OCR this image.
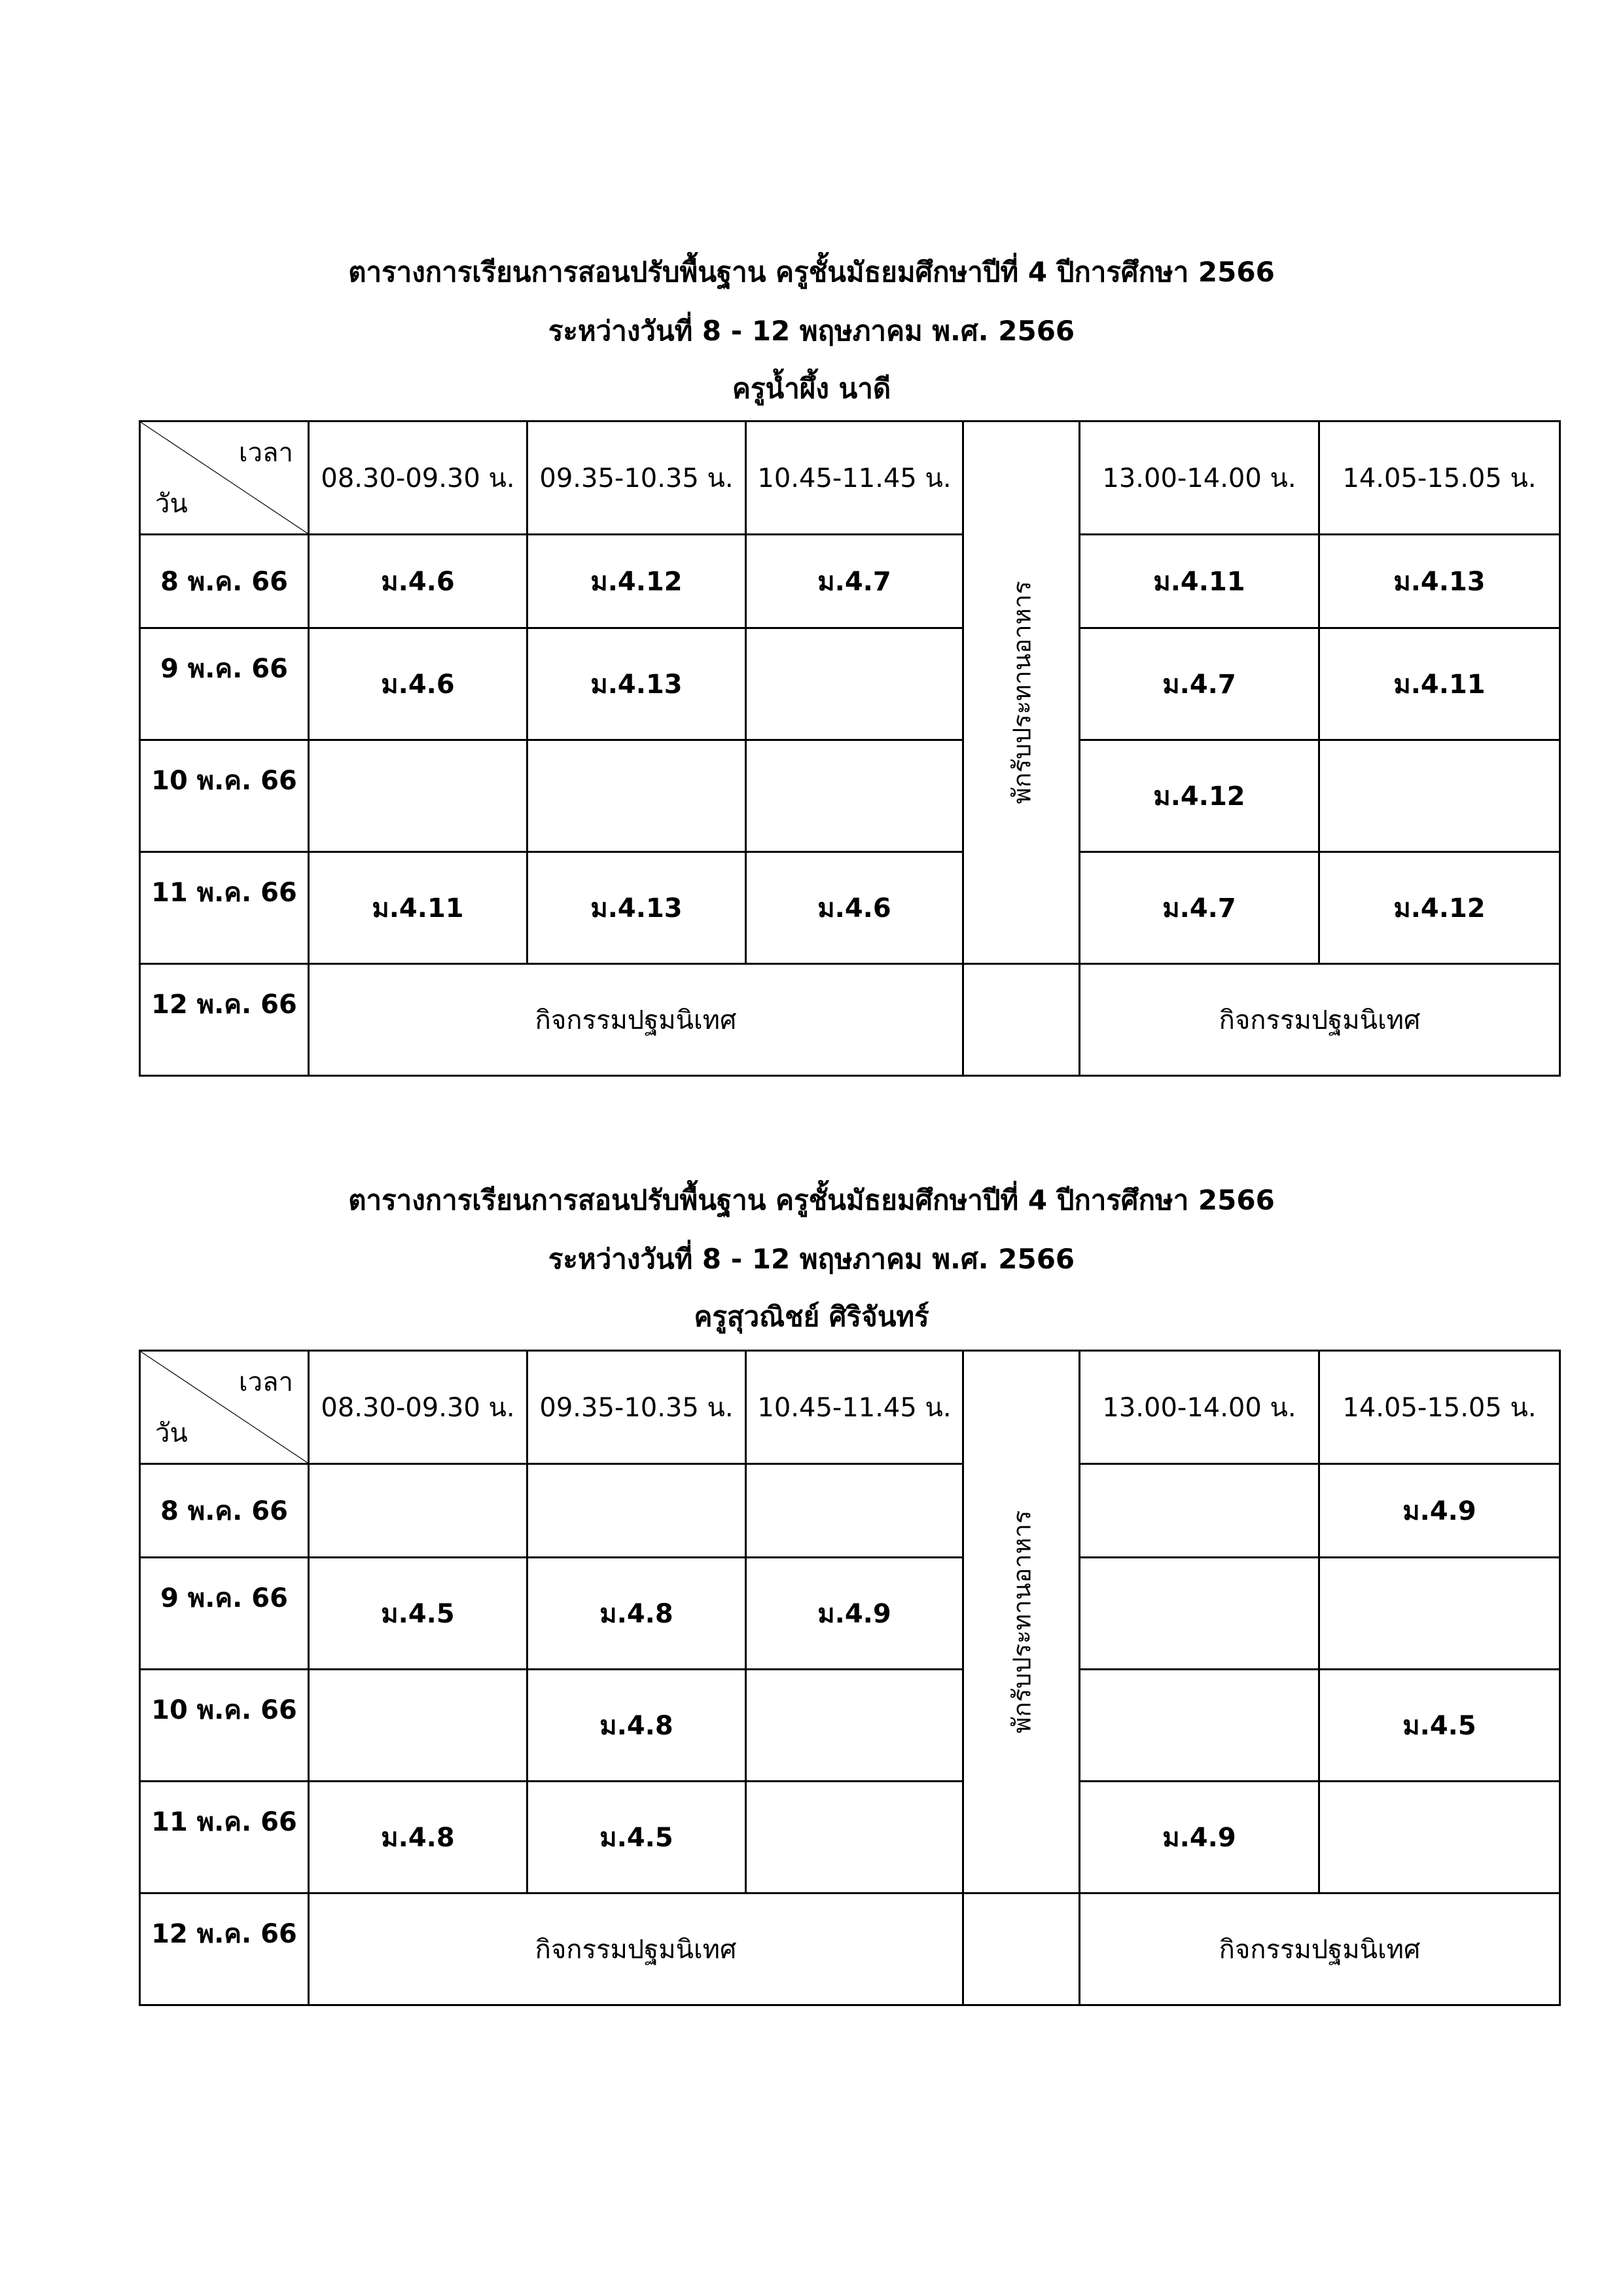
ตารางการเรียนการสอนปรับพื้นฐาน ครูชั้นมัธยมศึกษาปีที่ 4 ปีการศึกษา 2566
ระหว่างวันที่ 8 - 12 พฤษภาคม พ.ศ. 2566
ครูน้ำผึ้ง นาดี
เวลา
วัน	08.30-09.30 น.	09.35-10.35 น.	10.45-11.45 น.	พักรับประทานอาหาร	13.00-14.00 น.	14.05-15.05 น.
8 พ.ค. 66	ม.4.6	ม.4.12	ม.4.7		ม.4.11	ม.4.13
9 พ.ค. 66	ม.4.6	ม.4.13			ม.4.7	ม.4.11
10 พ.ค. 66					ม.4.12	
11 พ.ค. 66	ม.4.11	ม.4.13	ม.4.6		ม.4.7	ม.4.12
12 พ.ค. 66	กิจกรรมปฐมนิเทศ				กิจกรรมปฐมนิเทศ	
ตารางการเรียนการสอนปรับพื้นฐาน ครูชั้นมัธยมศึกษาปีที่ 4 ปีการศึกษา 2566
ระหว่างวันที่ 8 - 12 พฤษภาคม พ.ศ. 2566
ครูสุวณิชย์ ศิริจันทร์
เวลา
วัน	08.30-09.30 น.	09.35-10.35 น.	10.45-11.45 น.	พักรับประทานอาหาร	13.00-14.00 น.	14.05-15.05 น.
8 พ.ค. 66						ม.4.9
9 พ.ค. 66	ม.4.5	ม.4.8	ม.4.9			
10 พ.ค. 66		ม.4.8				ม.4.5
11 พ.ค. 66	ม.4.8	ม.4.5			ม.4.9	
12 พ.ค. 66	กิจกรรมปฐมนิเทศ				กิจกรรมปฐมนิเทศ	
